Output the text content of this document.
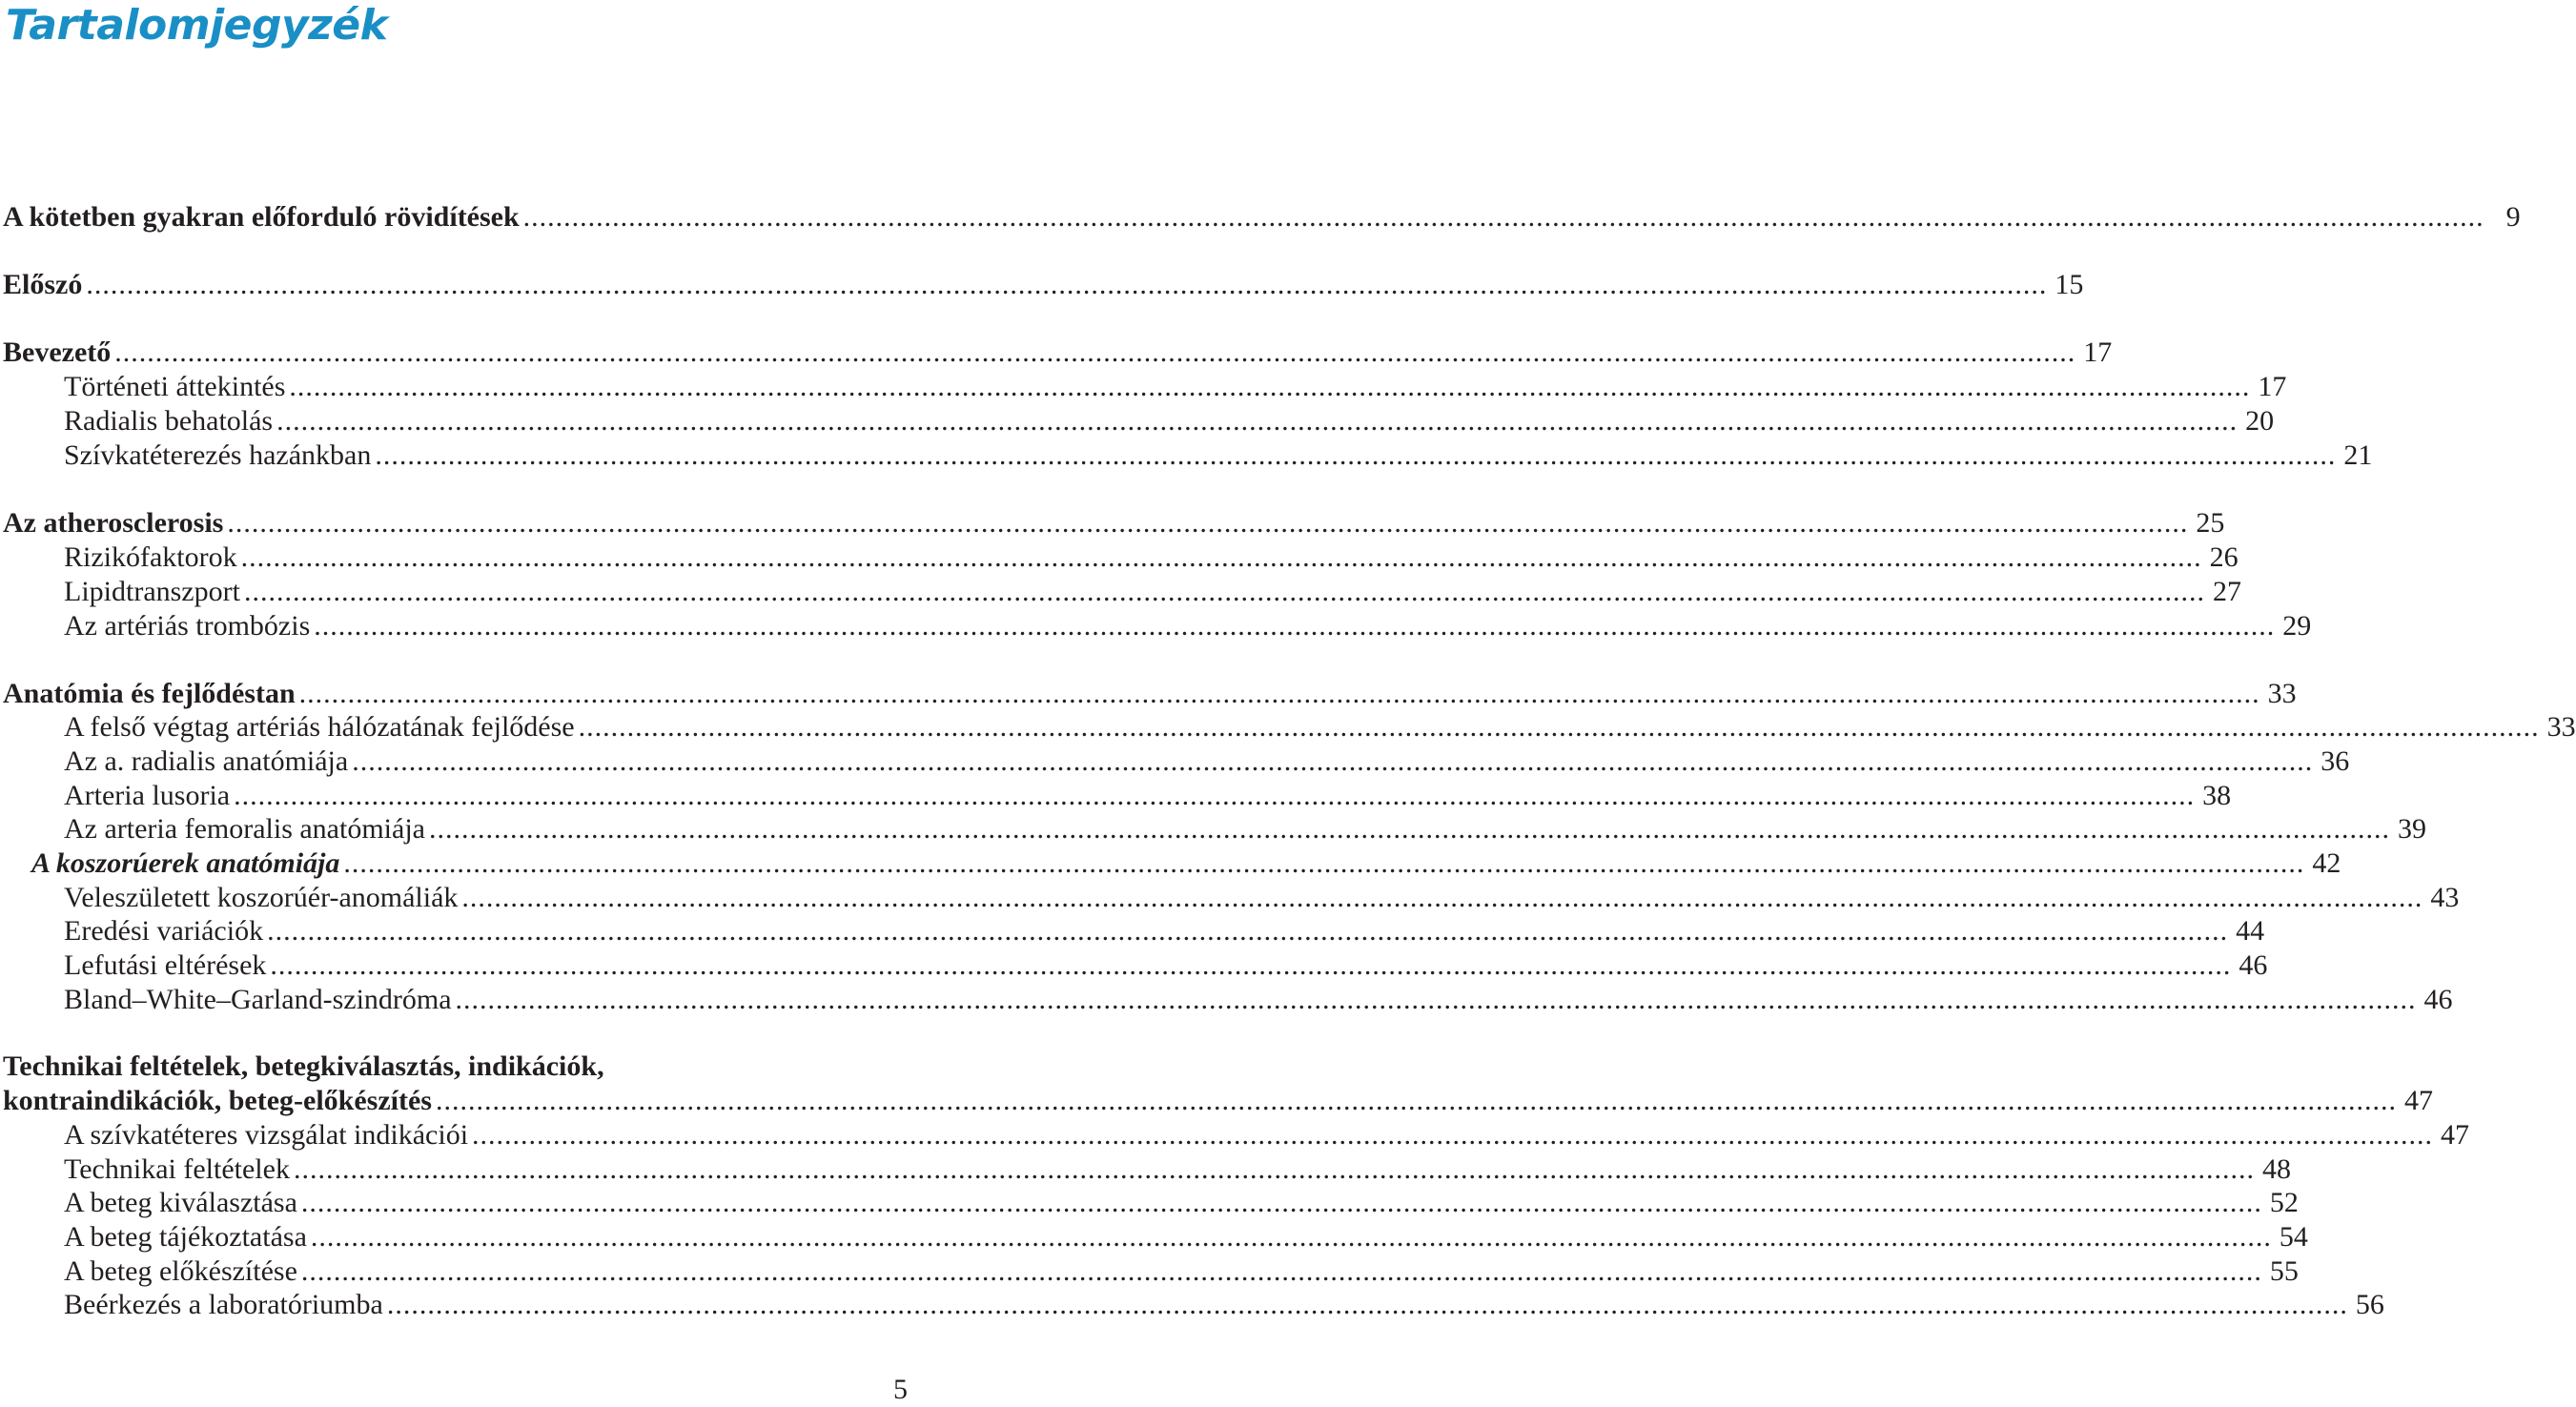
Tartalomjegyzék
A kötetben gyakran előforduló rövidítések .....	9
Előszó .....	15
Bevezető .....	17
Történeti áttekintés .....	17
Radialis behatolás .....	20
Szívkatéterezés hazánkban .....	21
Az atherosclerosis .....	25
Rizikófaktorok .....	26
Lipidtranszport .....	27
Az artériás trombózis .....	29
Anatómia és fejlődéstan .....	33
A felső végtag artériás hálózatának fejlődése .....	33
Az a. radialis anatómiája .....	36
Arteria lusoria .....	38
Az arteria femoralis anatómiája .....	39
A koszorúerek anatómiája .....	42
Veleszületett koszorúér-anomáliák .....	43
Eredési variációk .....	44
Lefutási eltérések .....	46
Bland–White–Garland-szindróma .....	46
Technikai feltételek, betegkiválasztás, indikációk,
kontraindikációk, beteg-előkészítés .....	47
A szívkatéteres vizsgálat indikációi .....	47
Technikai feltételek .....	48
A beteg kiválasztása .....	52
A beteg tájékoztatása .....	54
A beteg előkészítése .....	55
Beérkezés a laboratóriumba .....	56
5
